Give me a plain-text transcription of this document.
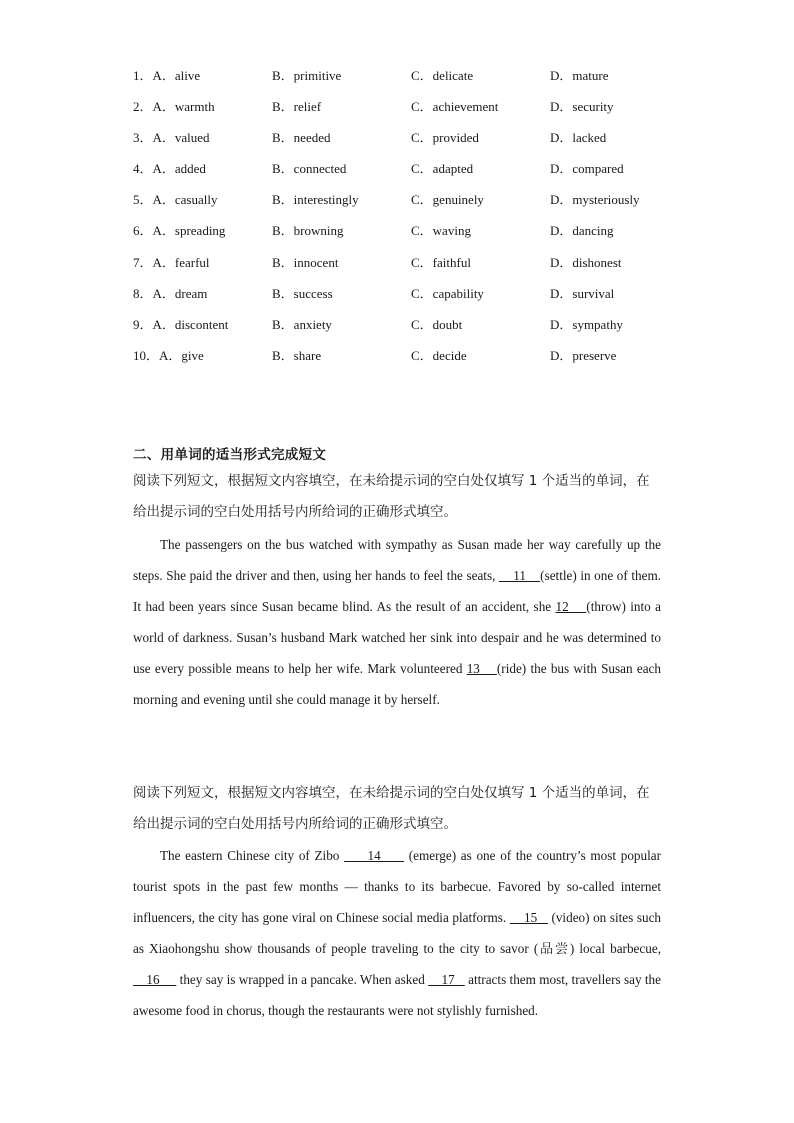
1．A．alive	B．primitive	C．delicate	D．mature
2．A．warmth	B．relief	C．achievement	D．security
3．A．valued	B．needed	C．provided	D．lacked
4．A．added	B．connected	C．adapted	D．compared
5．A．casually	B．interestingly	C．genuinely	D．mysteriously
6．A．spreading	B．browning	C．waving	D．dancing
7．A．fearful	B．innocent	C．faithful	D．dishonest
8．A．dream	B．success	C．capability	D．survival
9．A．discontent	B．anxiety	C．doubt	D．sympathy
10．A．give	B．share	C．decide	D．preserve
二、用单词的适当形式完成短文
阅读下列短文，根据短文内容填空，在未给提示词的空白处仅填写 1 个适当的单词，在给出提示词的空白处用括号内所给词的正确形式填空。

The passengers on the bus watched with sympathy as Susan made her way carefully up the steps. She paid the driver and then, using her hands to feel the seats,     11    (settle) in one of them. It had been years since Susan became blind. As the result of an accident, she 12    (throw) into a world of darkness. Susan’s husband Mark watched her sink into despair and he was determined to use every possible means to help her wife. Mark volunteered 13    (ride) the bus with Susan each morning and evening until she could manage it by herself.

阅读下列短文，根据短文内容填空，在未给提示词的空白处仅填写 1 个适当的单词，在给出提示词的空白处用括号内所给词的正确形式填空。

The eastern Chinese city of Zibo      14      (emerge) as one of the country’s most popular tourist spots in the past few months — thanks to its barbecue. Favored by so-called internet influencers, the city has gone viral on Chinese social media platforms.     15    (video) on sites such as Xiaohongshu show thousands of people traveling to the city to savor (品尝) local barbecue,     16      they say is wrapped in a pancake. When asked     17    attracts them most, travellers say the awesome food in chorus, though the restaurants were not stylishly furnished.
